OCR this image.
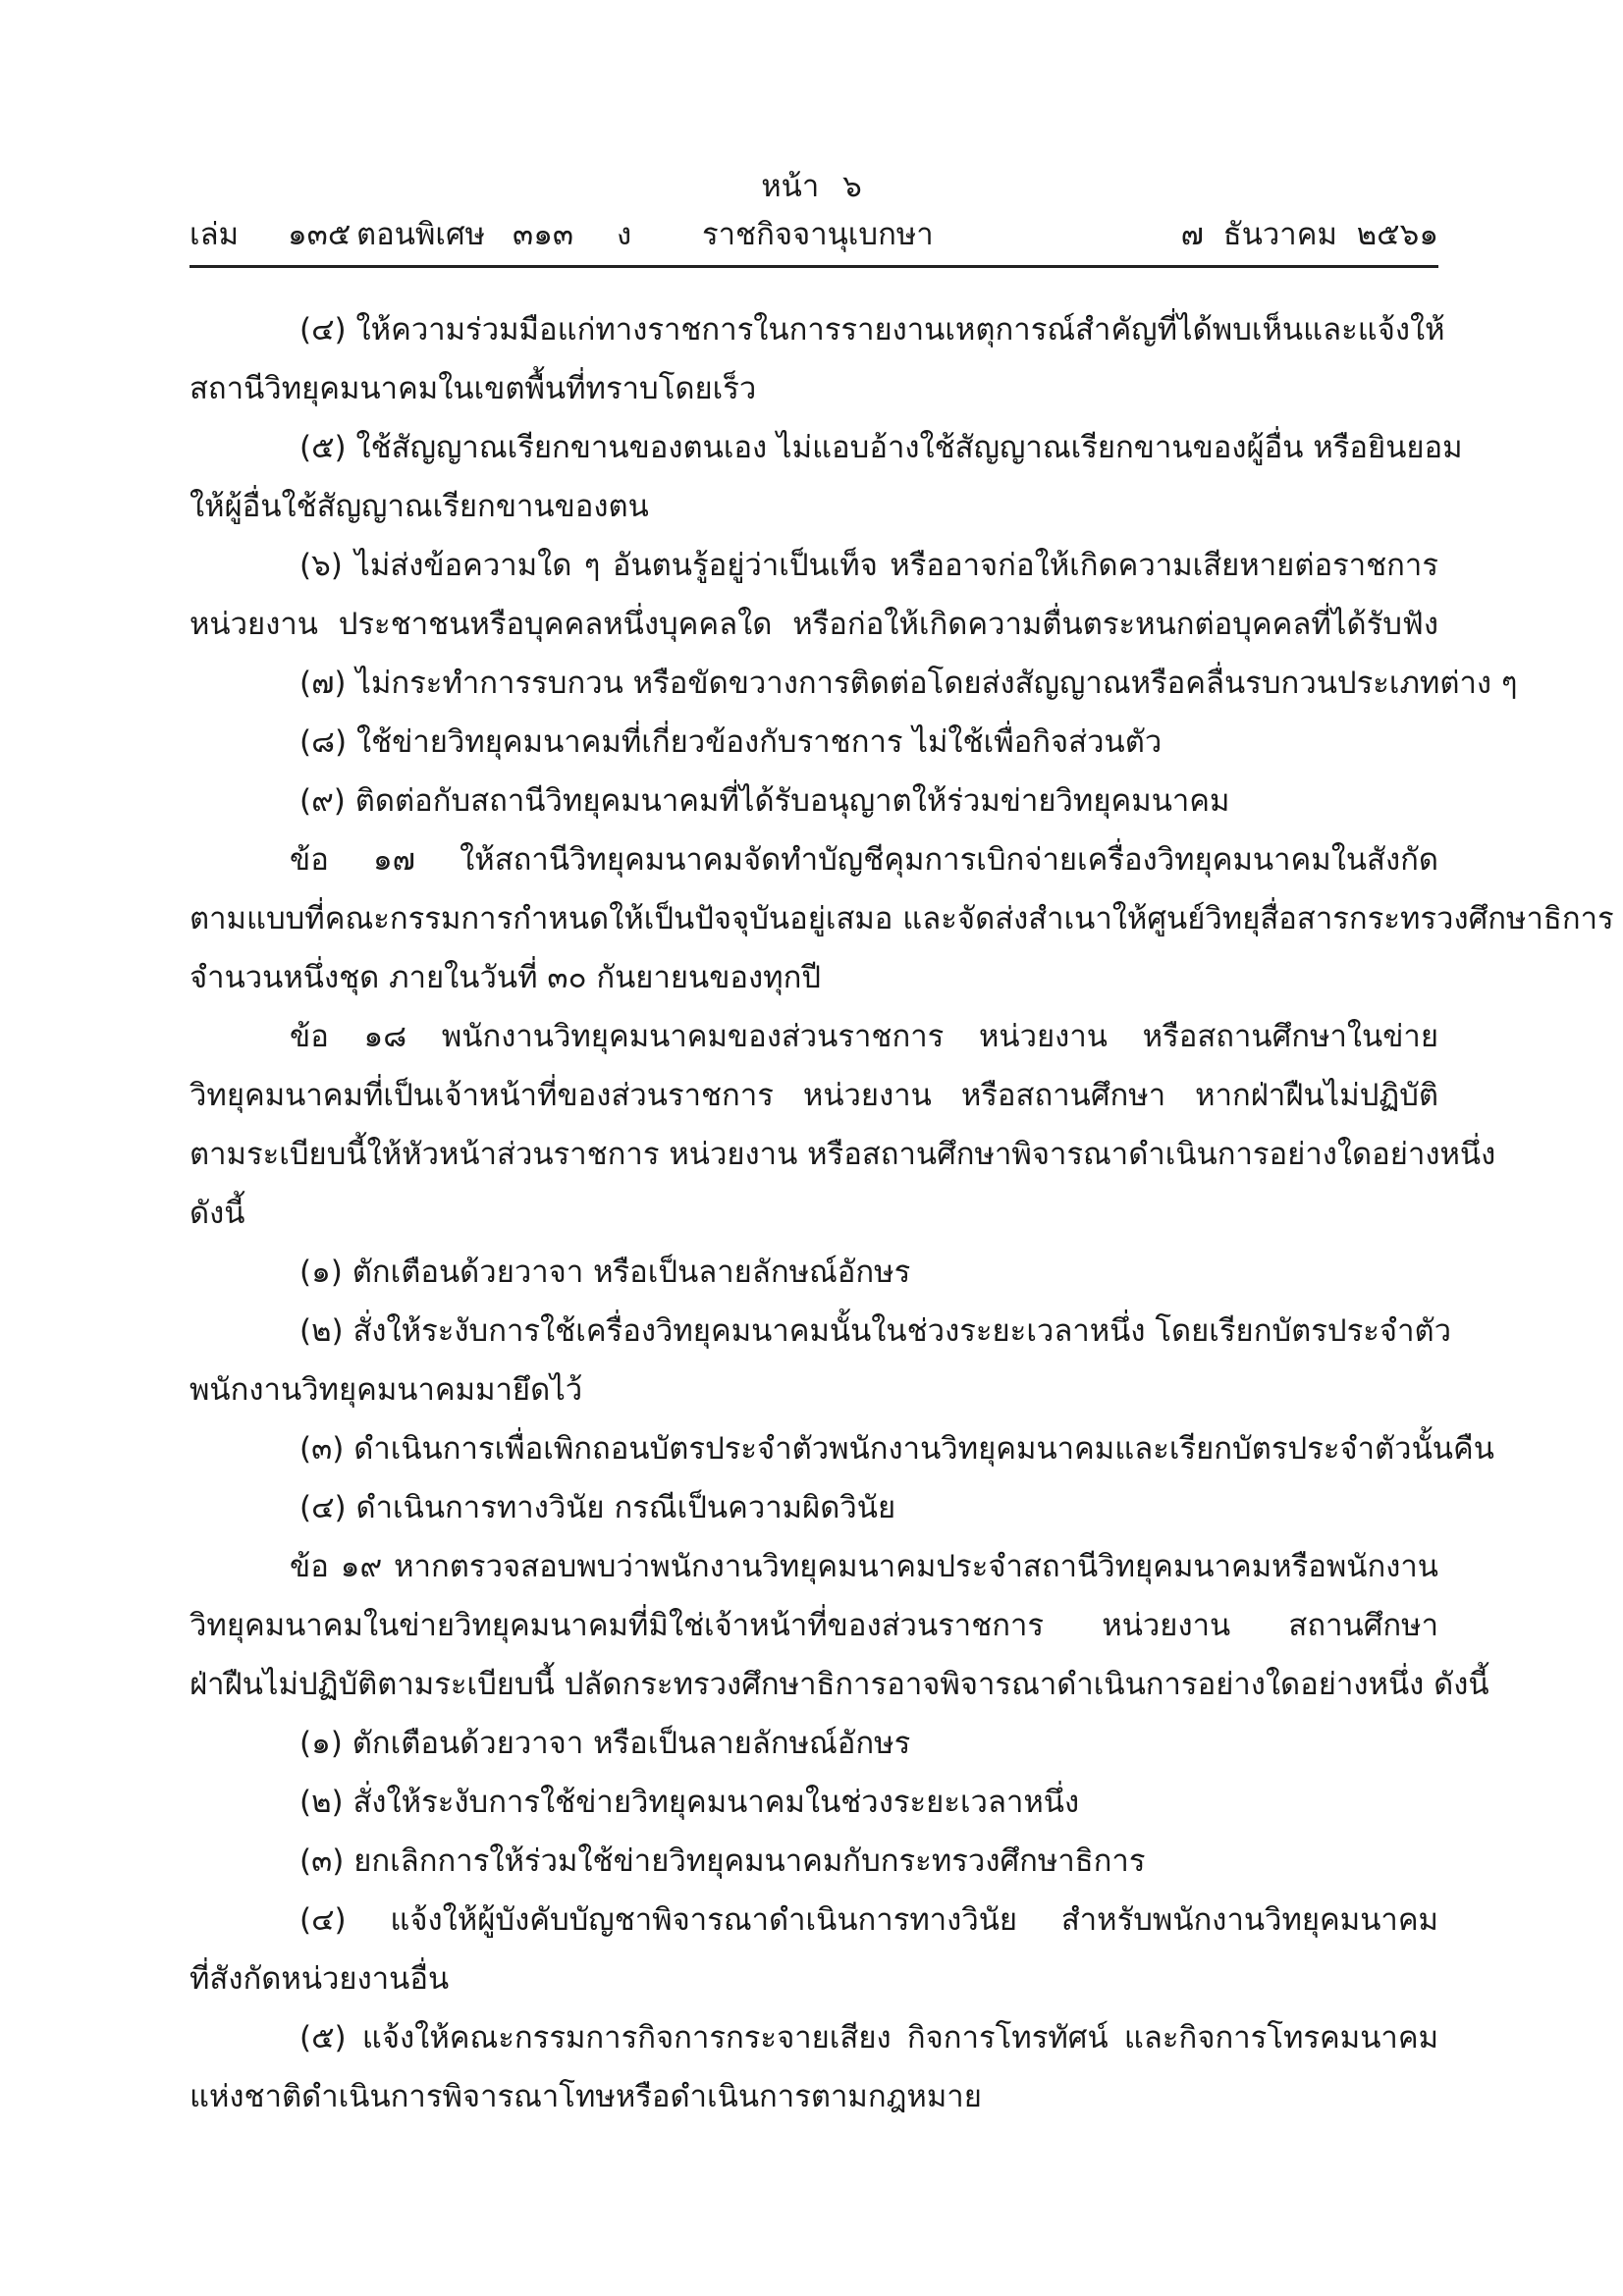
หน้า ๖
เล่ม ๑๓๕ ตอนพิเศษ ๓๑๓ ง ราชกิจจานุเบกษา	๗ ธันวาคม ๒๕๖๑
(๔) ให้ความร่วมมือแก่ทางราชการในการรายงานเหตุการณ์สำคัญที่ได้พบเห็นและแจ้งให้
สถานีวิทยุคมนาคมในเขตพื้นที่ทราบโดยเร็ว
(๕) ใช้สัญญาณเรียกขานของตนเอง ไม่แอบอ้างใช้สัญญาณเรียกขานของผู้อื่น หรือยินยอม
ให้ผู้อื่นใช้สัญญาณเรียกขานของตน
(๖) ไม่ส่งข้อความใด ๆ อันตนรู้อยู่ว่าเป็นเท็จ หรืออาจก่อให้เกิดความเสียหายต่อราชการ
หน่วยงาน ประชาชนหรือบุคคลหนึ่งบุคคลใด หรือก่อให้เกิดความตื่นตระหนกต่อบุคคลที่ได้รับฟัง
(๗) ไม่กระทำการรบกวน หรือขัดขวางการติดต่อโดยส่งสัญญาณหรือคลื่นรบกวนประเภทต่าง ๆ
(๘) ใช้ข่ายวิทยุคมนาคมที่เกี่ยวข้องกับราชการ ไม่ใช้เพื่อกิจส่วนตัว
(๙) ติดต่อกับสถานีวิทยุคมนาคมที่ได้รับอนุญาตให้ร่วมข่ายวิทยุคมนาคม
ข้อ ๑๗ ให้สถานีวิทยุคมนาคมจัดทำบัญชีคุมการเบิกจ่ายเครื่องวิทยุคมนาคมในสังกัด
ตามแบบที่คณะกรรมการกำหนดให้เป็นปัจจุบันอยู่เสมอ และจัดส่งสำเนาให้ศูนย์วิทยุสื่อสารกระทรวงศึกษาธิการ
จำนวนหนึ่งชุด ภายในวันที่ ๓๐ กันยายนของทุกปี
ข้อ ๑๘ พนักงานวิทยุคมนาคมของส่วนราชการ หน่วยงาน หรือสถานศึกษาในข่าย
วิทยุคมนาคมที่เป็นเจ้าหน้าที่ของส่วนราชการ หน่วยงาน หรือสถานศึกษา หากฝ่าฝืนไม่ปฏิบัติ
ตามระเบียบนี้ให้หัวหน้าส่วนราชการ หน่วยงาน หรือสถานศึกษาพิจารณาดำเนินการอย่างใดอย่างหนึ่ง
ดังนี้
(๑) ตักเตือนด้วยวาจา หรือเป็นลายลักษณ์อักษร
(๒) สั่งให้ระงับการใช้เครื่องวิทยุคมนาคมนั้นในช่วงระยะเวลาหนึ่ง โดยเรียกบัตรประจำตัว
พนักงานวิทยุคมนาคมมายึดไว้
(๓) ดำเนินการเพื่อเพิกถอนบัตรประจำตัวพนักงานวิทยุคมนาคมและเรียกบัตรประจำตัวนั้นคืน
(๔) ดำเนินการทางวินัย กรณีเป็นความผิดวินัย
ข้อ ๑๙ หากตรวจสอบพบว่าพนักงานวิทยุคมนาคมประจำสถานีวิทยุคมนาคมหรือพนักงาน
วิทยุคมนาคมในข่ายวิทยุคมนาคมที่มิใช่เจ้าหน้าที่ของส่วนราชการ หน่วยงาน สถานศึกษา
ฝ่าฝืนไม่ปฏิบัติตามระเบียบนี้ ปลัดกระทรวงศึกษาธิการอาจพิจารณาดำเนินการอย่างใดอย่างหนึ่ง ดังนี้
(๑) ตักเตือนด้วยวาจา หรือเป็นลายลักษณ์อักษร
(๒) สั่งให้ระงับการใช้ข่ายวิทยุคมนาคมในช่วงระยะเวลาหนึ่ง
(๓) ยกเลิกการให้ร่วมใช้ข่ายวิทยุคมนาคมกับกระทรวงศึกษาธิการ
(๔) แจ้งให้ผู้บังคับบัญชาพิจารณาดำเนินการทางวินัย สำหรับพนักงานวิทยุคมนาคม
ที่สังกัดหน่วยงานอื่น
(๕) แจ้งให้คณะกรรมการกิจการกระจายเสียง กิจการโทรทัศน์ และกิจการโทรคมนาคม
แห่งชาติดำเนินการพิจารณาโทษหรือดำเนินการตามกฎหมาย
